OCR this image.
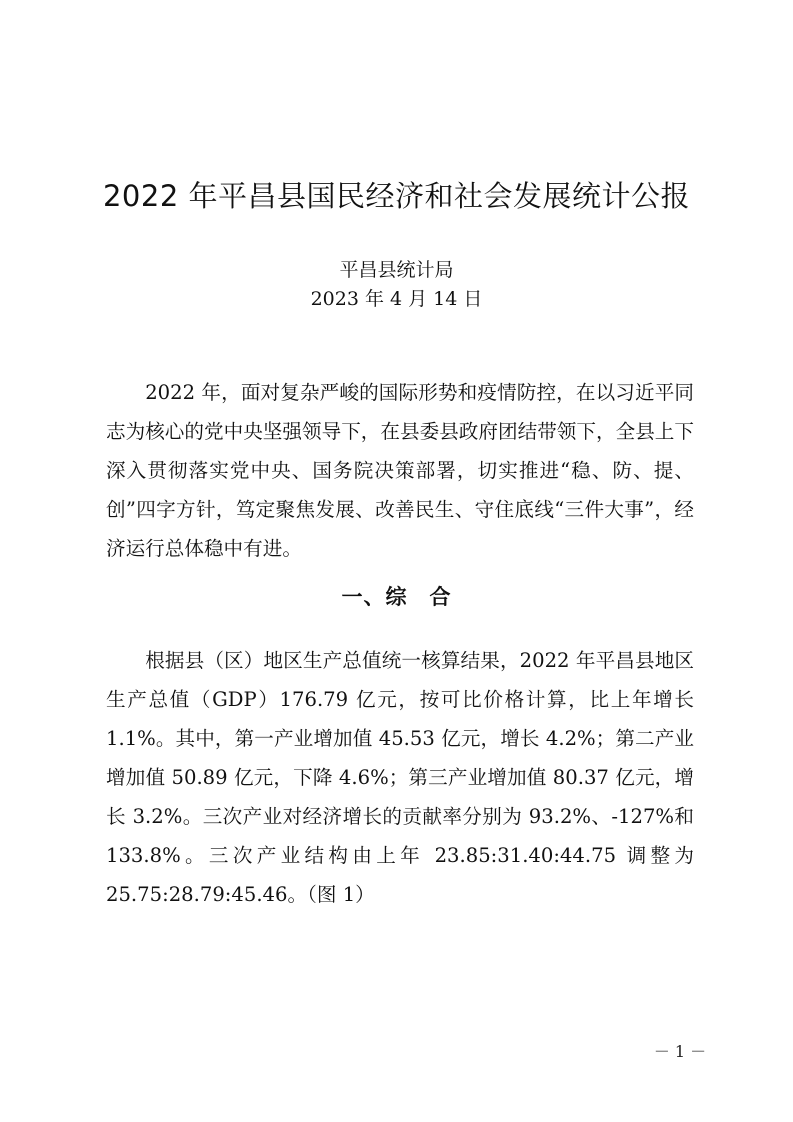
2022 年平昌县国民经济和社会发展统计公报
平昌县统计局
2023 年 4 月 14 日
2022 年，面对复杂严峻的国际形势和疫情防控，在以习近平同志为核心的党中央坚强领导下，在县委县政府团结带领下，全县上下深入贯彻落实党中央、国务院决策部署，切实推进“稳、防、提、创”四字方针，笃定聚焦发展、改善民生、守住底线“三件大事”，经济运行总体稳中有进。
一、综　合
根据县（区）地区生产总值统一核算结果，2022 年平昌县地区生产总值（GDP）176.79 亿元，按可比价格计算，比上年增长 1.1%。其中，第一产业增加值 45.53 亿元，增长 4.2%；第二产业增加值 50.89 亿元，下降 4.6%；第三产业增加值 80.37 亿元，增长 3.2%。三次产业对经济增长的贡献率分别为 93.2%、-127%和 133.8%。三次产业结构由上年 23.85:31.40:44.75 调整为 25.75:28.79:45.46。（图 1）
－ 1 －
